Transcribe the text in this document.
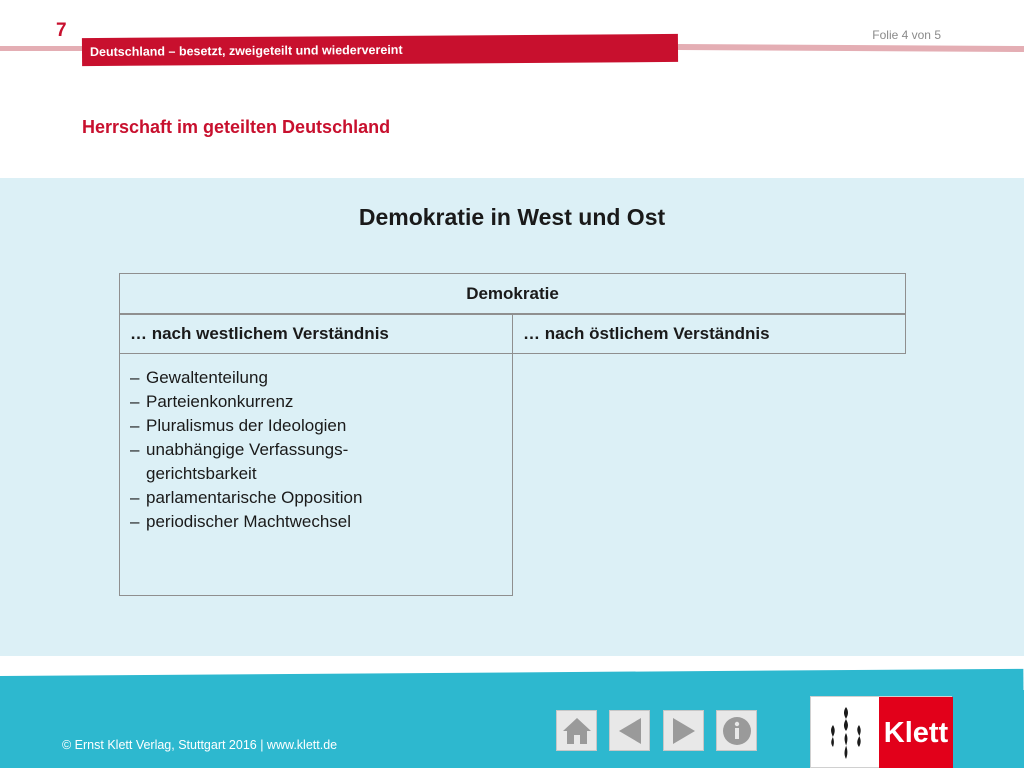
7	Folie 4 von 5
Deutschland – besetzt, zweigeteilt und wiedervereint
Herrschaft im geteilten Deutschland
Demokratie in West und Ost
Demokratie
… nach westlichem Verständnis	… nach östlichem Verständnis
– Gewaltenteilung
– Parteienkonkurrenz
– Pluralismus der Ideologien
– unabhängige Verfassungs-
gerichtsbarkeit
– parlamentarische Opposition
– periodischer Machtwechsel
© Ernst Klett Verlag, Stuttgart 2016 | www.klett.de	Klett
